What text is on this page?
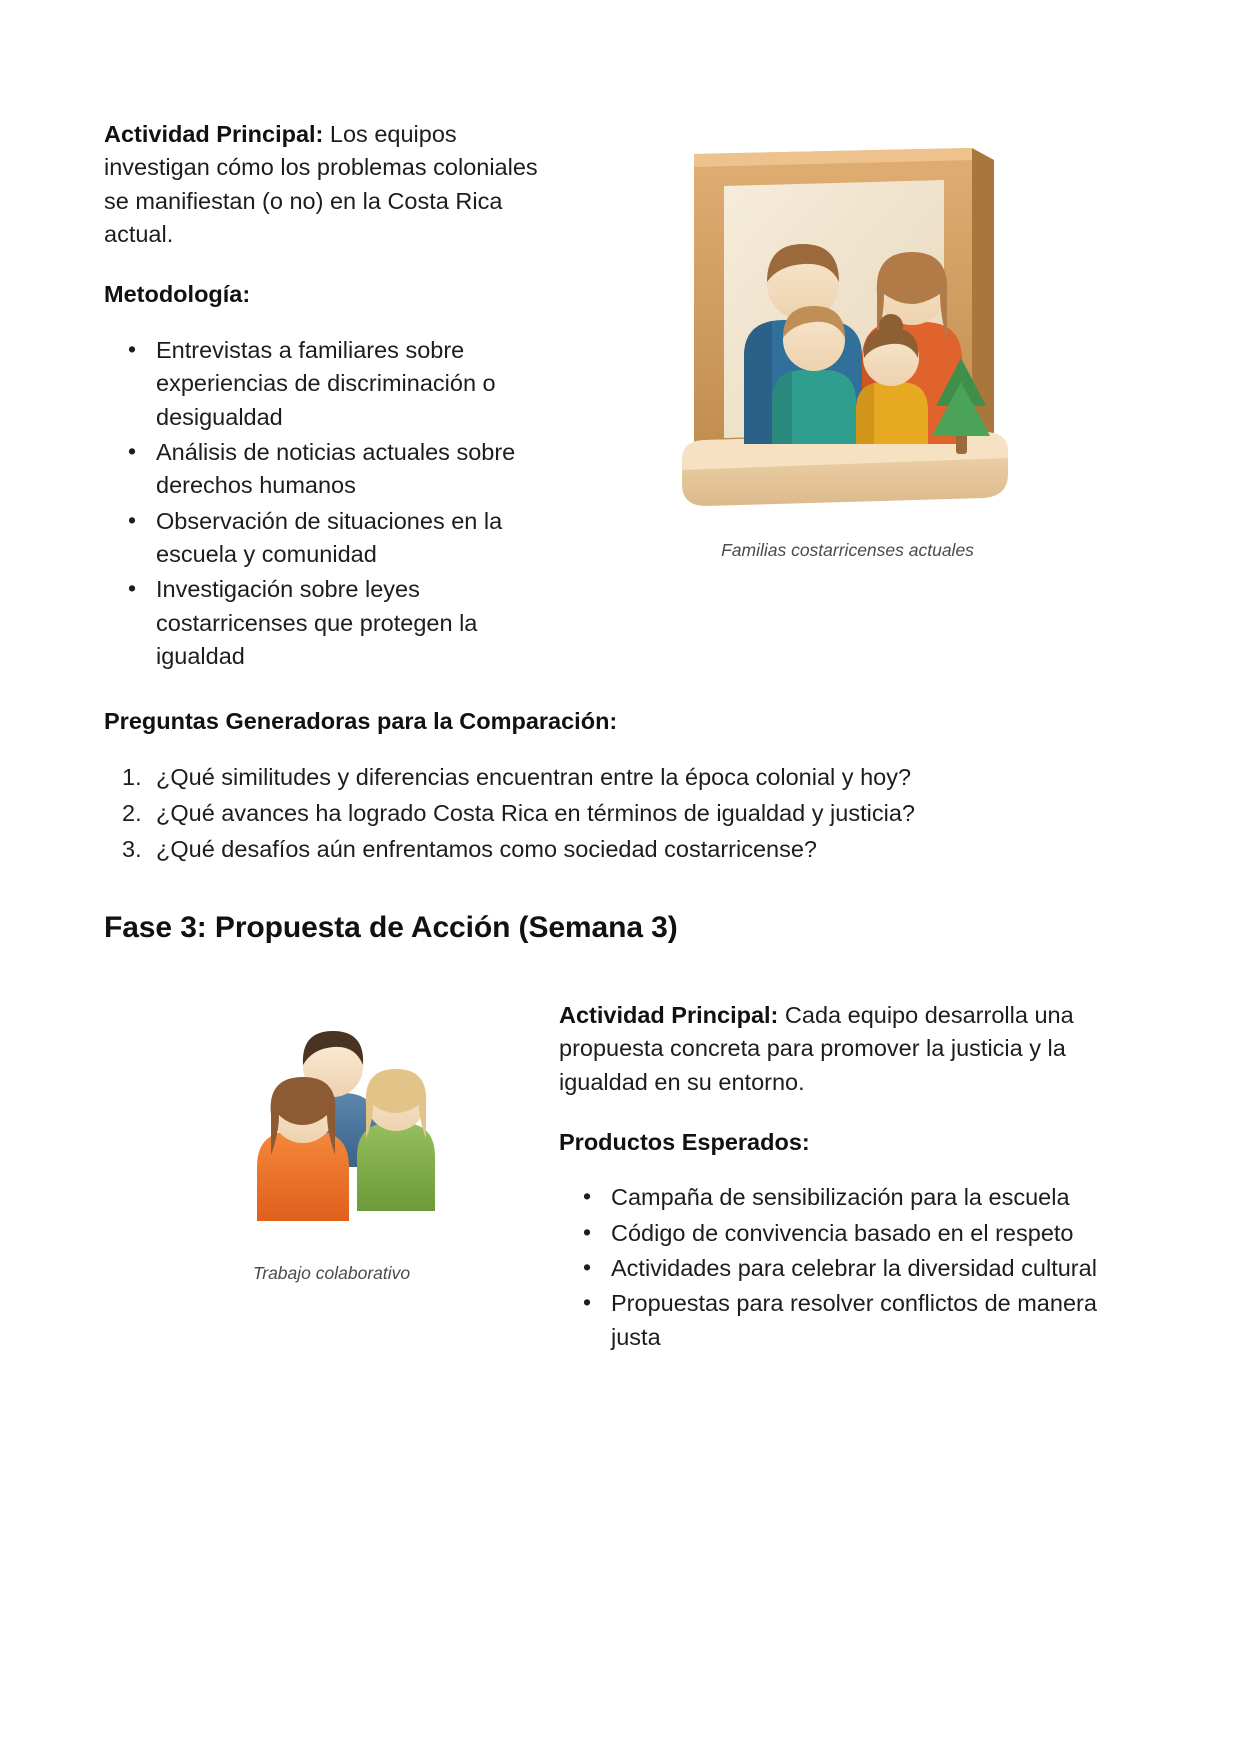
Actividad Principal: Los equipos investigan cómo los problemas coloniales se manifiestan (o no) en la Costa Rica actual.

Metodología:

• Entrevistas a familiares sobre experiencias de discriminación o desigualdad
• Análisis de noticias actuales sobre derechos humanos
• Observación de situaciones en la escuela y comunidad
• Investigación sobre leyes costarricenses que protegen la igualdad
Familias costarricenses actuales

Preguntas Generadoras para la Comparación:

¿Qué similitudes y diferencias encuentran entre la época colonial y hoy?
¿Qué avances ha logrado Costa Rica en términos de igualdad y justicia?
¿Qué desafíos aún enfrentamos como sociedad costarricense?
Fase 3: Propuesta de Acción (Semana 3)
Trabajo colaborativo

Actividad Principal: Cada equipo desarrolla una propuesta concreta para promover la justicia y la igualdad en su entorno.

Productos Esperados:

• Campaña de sensibilización para la escuela
• Código de convivencia basado en el respeto
• Actividades para celebrar la diversidad cultural
• Propuestas para resolver conflictos de manera justa
